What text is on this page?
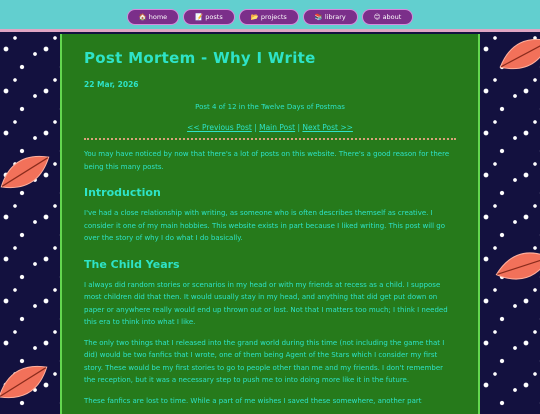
🏠 home	📝 posts	📂 projects	📚 library	😊 about
Post Mortem - Why I Write
22 Mar, 2026
Post 4 of 12 in the Twelve Days of Postmas
<< Previous Post | Main Post | Next Post >>

You may have noticed by now that there's a lot of posts on this website. There's a good reason for there being this many posts.

Introduction

I've had a close relationship with writing, as someone who is often describes themself as creative. I consider it one of my main hobbies. This website exists in part because I liked writing. This post will go over the story of why I do what I do basically.

The Child Years

I always did random stories or scenarios in my head or with my friends at recess as a child. I suppose most children did that then. It would usually stay in my head, and anything that did get put down on paper or anywhere really would end up thrown out or lost. Not that I matters too much; I think I needed this era to think into what I like.

The only two things that I released into the grand world during this time (not including the game that I did) would be two fanfics that I wrote, one of them being Agent of the Stars which I consider my first story. These would be my first stories to go to people other than me and my friends. I don't remember the reception, but it was a necessary step to push me to into doing more like it in the future.

These fanfics are lost to time. While a part of me wishes I saved these somewhere, another part
